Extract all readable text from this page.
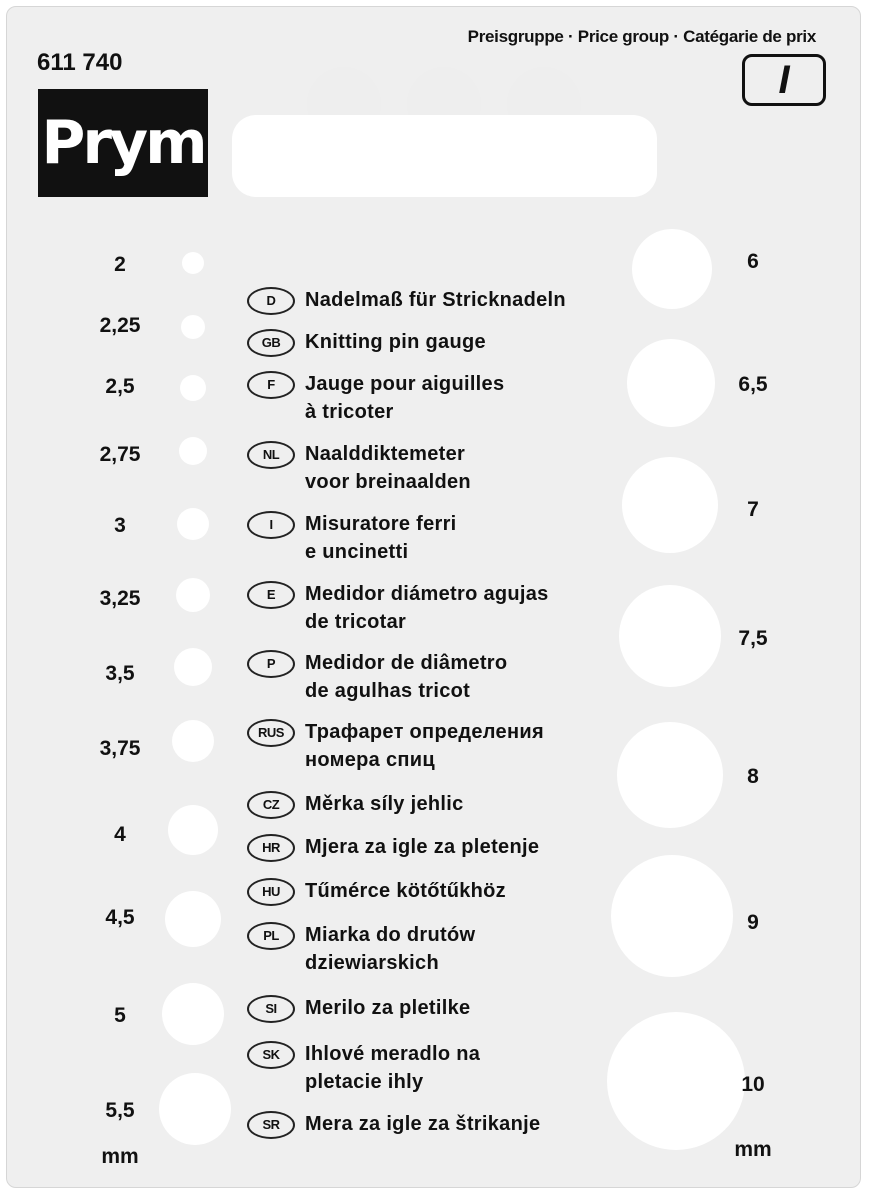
611 740
Preisgruppe · Price group · Catégarie de prix
I
Prym
2
2,25
2,5
2,75
3
3,25
3,5
3,75
4
4,5
5
5,5
mm
6
6,5
7
7,5
8
9
10
mm
D	Nadelmaß für Stricknadeln
GB	Knitting pin gauge
F	Jauge pour aiguilles
à tricoter
NL	Naalddiktemeter
voor breinaalden
I	Misuratore ferri
e uncinetti
E	Medidor diámetro agujas
de tricotar
P	Medidor de diâmetro
de agulhas tricot
RUS	Трафарет определения
номера спиц
CZ	Měrka síly jehlic
HR	Mjera za igle za pletenje
HU	Tűmérce kötőtűkhöz
PL	Miarka do drutów
dziewiarskich
SI	Merilo za pletilke
SK	Ihlové meradlo na
pletacie ihly
SR	Mera za igle za štrikanje
